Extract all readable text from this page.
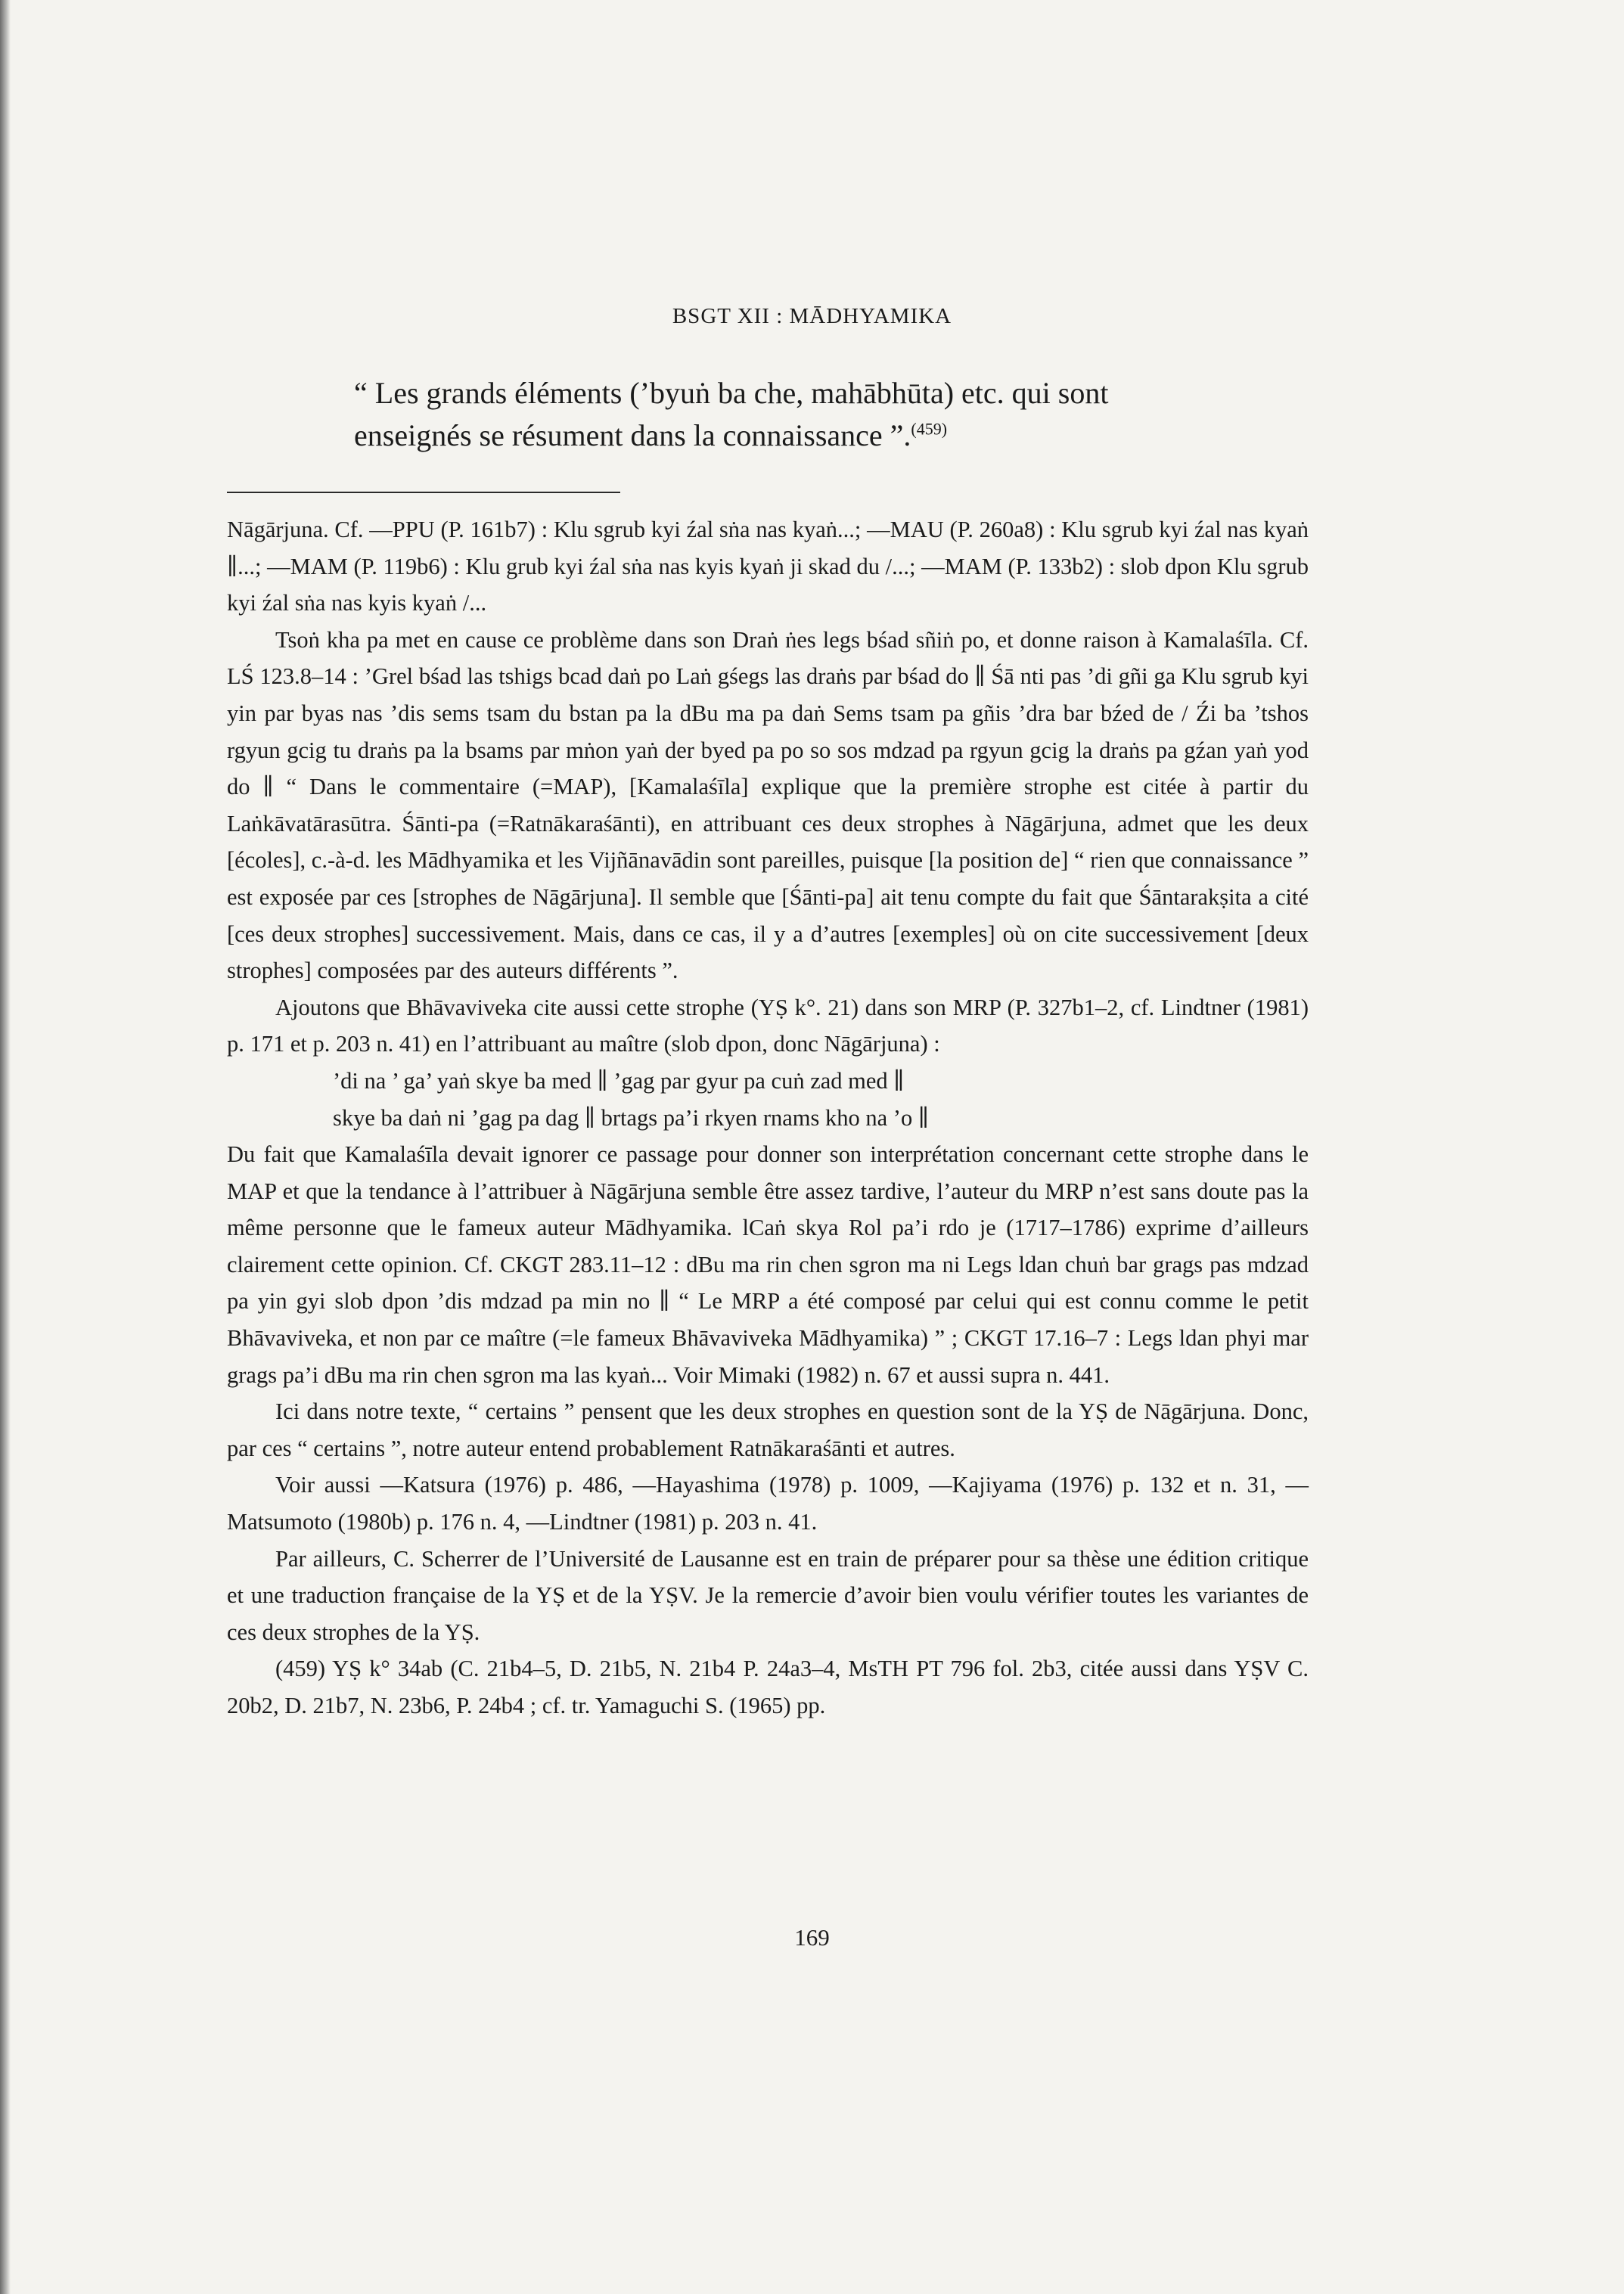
BSGT XII : MĀDHYAMIKA
“ Les grands éléments (’byuṅ ba che, mahābhūta) etc. qui sont
enseignés se résument dans la connaissance ”.$^{(459)}$

Nāgārjuna. Cf. —PPU (P. 161b7) : Klu sgrub kyi źal sṅa nas kyaṅ...; —MAU (P. 260a8) : Klu sgrub kyi źal nas kyaṅ ∥...; —MAM (P. 119b6) : Klu grub kyi źal sṅa nas kyis kyaṅ ji skad du /...; —MAM (P. 133b2) : slob dpon Klu sgrub kyi źal sṅa nas kyis kyaṅ /...

Tsoṅ kha pa met en cause ce problème dans son Draṅ ṅes legs bśad sñiṅ po, et donne raison à Kamalaśīla. Cf. LŚ 123.8–14 : ’Grel bśad las tshigs bcad daṅ po Laṅ gśegs las draṅs par bśad do ∥ Śā nti pas ’di gñi ga Klu sgrub kyi yin par byas nas ’dis sems tsam du bstan pa la dBu ma pa daṅ Sems tsam pa gñis ’dra bar bźed de / Źi ba ’tshos rgyun gcig tu draṅs pa la bsams par mṅon yaṅ der byed pa po so sos mdzad pa rgyun gcig la draṅs pa gźan yaṅ yod do ∥ “ Dans le commentaire (=MAP), [Kamalaśīla] explique que la première strophe est citée à partir du Laṅkāvatārasūtra. Śānti-pa (=Ratnākaraśānti), en attribuant ces deux strophes à Nāgārjuna, admet que les deux [écoles], c.-à-d. les Mādhyamika et les Vijñānavādin sont pareilles, puisque [la position de] “ rien que connaissance ” est exposée par ces [strophes de Nāgārjuna]. Il semble que [Śānti-pa] ait tenu compte du fait que Śāntarakṣita a cité [ces deux strophes] successivement. Mais, dans ce cas, il y a d’autres [exemples] où on cite successivement [deux strophes] composées par des auteurs différents ”.

Ajoutons que Bhāvaviveka cite aussi cette strophe (YṢ k°. 21) dans son MRP (P. 327b1–2, cf. Lindtner (1981) p. 171 et p. 203 n. 41) en l’attribuant au maître (slob dpon, donc Nāgārjuna) :

’di na ’ ga’ yaṅ skye ba med ∥ ’gag par gyur pa cuṅ zad med ∥

skye ba daṅ ni ’gag pa dag ∥ brtags pa’i rkyen rnams kho na ’o ∥

Du fait que Kamalaśīla devait ignorer ce passage pour donner son interprétation concernant cette strophe dans le MAP et que la tendance à l’attribuer à Nāgārjuna semble être assez tardive, l’auteur du MRP n’est sans doute pas la même personne que le fameux auteur Mādhyamika. lCaṅ skya Rol pa’i rdo je (1717–1786) exprime d’ailleurs clairement cette opinion. Cf. CKGT 283.11–12 : dBu ma rin chen sgron ma ni Legs ldan chuṅ bar grags pas mdzad pa yin gyi slob dpon ’dis mdzad pa min no ∥ “ Le MRP a été composé par celui qui est connu comme le petit Bhāvaviveka, et non par ce maître (=le fameux Bhāvaviveka Mādhyamika) ” ; CKGT 17.16–7 : Legs ldan phyi mar grags pa’i dBu ma rin chen sgron ma las kyaṅ... Voir Mimaki (1982) n. 67 et aussi supra n. 441.

Ici dans notre texte, “ certains ” pensent que les deux strophes en question sont de la YṢ de Nāgārjuna. Donc, par ces “ certains ”, notre auteur entend probablement Ratnākaraśānti et autres.

Voir aussi —Katsura (1976) p. 486, —Hayashima (1978) p. 1009, —Kajiyama (1976) p. 132 et n. 31, —Matsumoto (1980b) p. 176 n. 4, —Lindtner (1981) p. 203 n. 41.

Par ailleurs, C. Scherrer de l’Université de Lausanne est en train de préparer pour sa thèse une édition critique et une traduction française de la YṢ et de la YṢV. Je la remercie d’avoir bien voulu vérifier toutes les variantes de ces deux strophes de la YṢ.

(459) YṢ k° 34ab (C. 21b4–5, D. 21b5, N. 21b4 P. 24a3–4, MsTH PT 796 fol. 2b3, citée aussi dans YṢV C. 20b2, D. 21b7, N. 23b6, P. 24b4 ; cf. tr. Yamaguchi S. (1965) pp.

169
